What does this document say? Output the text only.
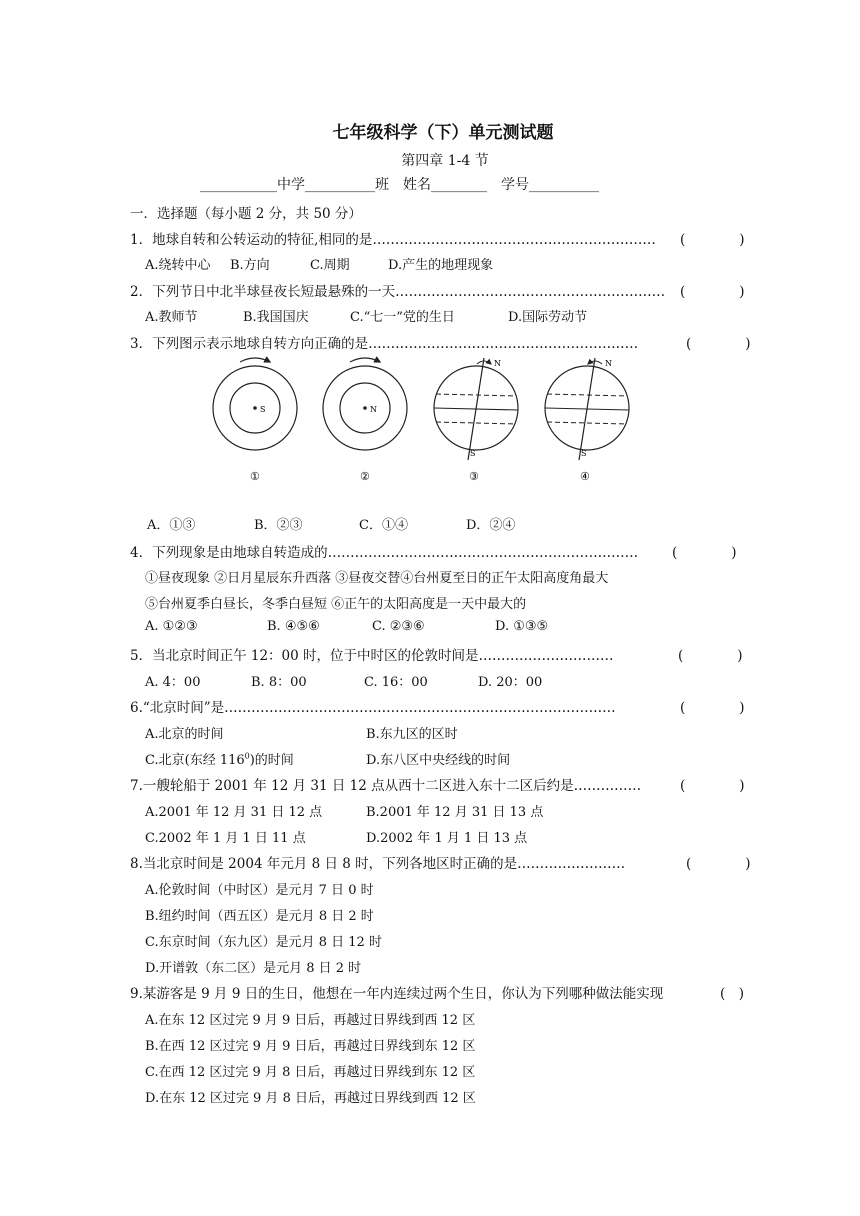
七年级科学（下）单元测试题
第四章 1-4 节
___________中学__________班　姓名________　学号__________
一．选择题（每小题 2 分，共 50 分）
1．地球自转和公转运动的特征,相同的是……………………………………………………… (　　　　)
A.绕转中心 B.方向	C.周期	D.产生的地理现象
2．下列节日中北半球昼夜长短最悬殊的一天…………………………………………………… (　　　　)
A.教师节	B.我国国庆	C.“七一”党的生日	D.国际劳动节
3．下列图示表示地球自转方向正确的是……………………………………………………	(　　　　)
S
①
N
②
N
S
③
N
S
④
A．①③	B．②③	C．①④	D．②④
4．下列现象是由地球自转造成的……………………………………………………………	(　　　　)
①昼夜现象 ②日月星辰东升西落 ③昼夜交替④台州夏至日的正午太阳高度角最大
⑤台州夏季白昼长，冬季白昼短 ⑥正午的太阳高度是一天中最大的
A. ①②③	B. ④⑤⑥	C. ②③⑥	D. ①③⑤
5．当北京时间正午 12：00 时，位于中时区的伦敦时间是…………………………	(　　　　)
A. 4：00	B. 8：00	C. 16：00	D. 20：00
6.“北京时间”是……………………………………………………………………………	(　　　　)
A.北京的时间	B.东九区的区时
C.北京(东经 $116^0$)的时间	D.东八区中央经线的时间
7.一艘轮船于 2001 年 12 月 31 日 12 点从西十二区进入东十二区后约是……………	(　　　　)
A.2001 年 12 月 31 日 12 点	B.2001 年 12 月 31 日 13 点
C.2002 年 1 月 1 日 11 点	D.2002 年 1 月 1 日 13 点
8.当北京时间是 2004 年元月 8 日 8 时，下列各地区时正确的是……………………	(　　　　)
A.伦敦时间（中时区）是元月 7 日 0 时
B.纽约时间（西五区）是元月 8 日 2 时
C.东京时间（东九区）是元月 8 日 12 时
D.开谱敦（东二区）是元月 8 日 2 时
9.某游客是 9 月 9 日的生日，他想在一年内连续过两个生日，你认为下列哪种做法能实现	(　)
A.在东 12 区过完 9 月 9 日后，再越过日界线到西 12 区
B.在西 12 区过完 9 月 9 日后，再越过日界线到东 12 区
C.在西 12 区过完 9 月 8 日后，再越过日界线到东 12 区
D.在东 12 区过完 9 月 8 日后，再越过日界线到西 12 区
